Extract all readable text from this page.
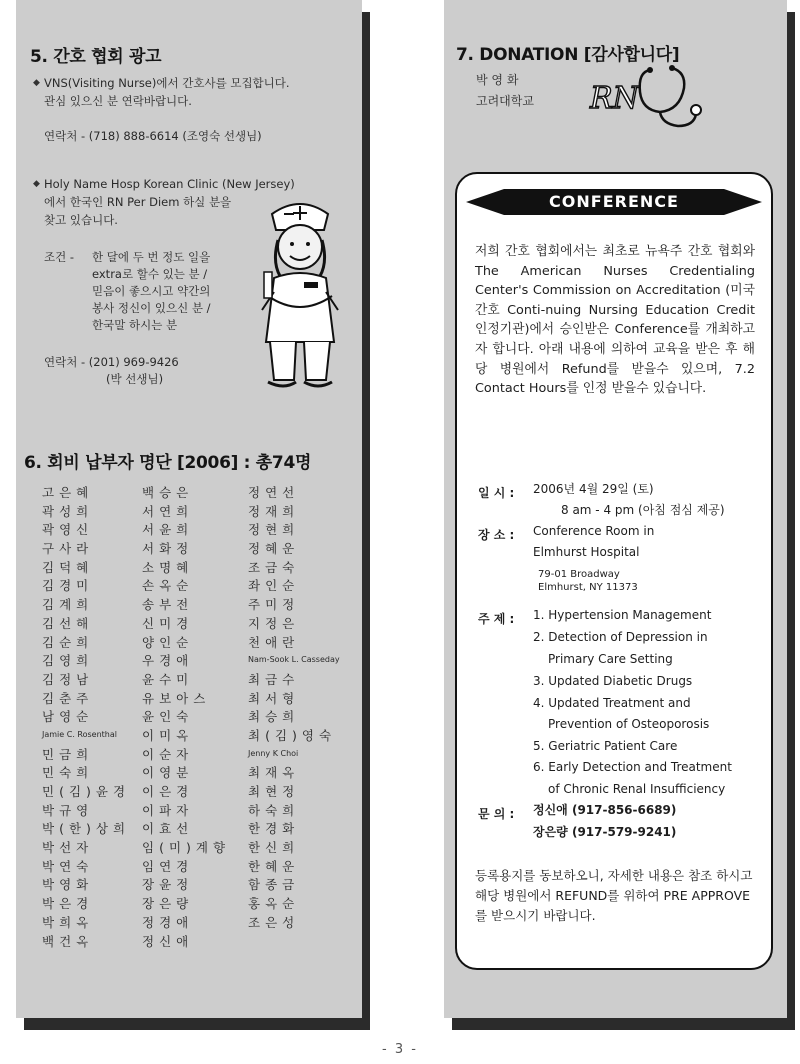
5. 간호 협회 광고
◆ VNS(Visiting Nurse)에서 간호사를 모집합니다.
관심 있으신 분 연락바랍니다.
연락처 - (718) 888-6614 (조영숙 선생님)
◆ Holy Name Hosp Korean Clinic (New Jersey)
에서 한국인 RN Per Diem 하실 분을
찾고 있습니다.
조건 - 한 달에 두 번 정도 일을
extra로 할수 있는 분 /
믿음이 좋으시고 약간의
봉사 정신이 있으신 분 /
한국말 하시는 분
연락처 - (201) 969-9426
(박 선생님)
6. 회비 납부자 명단 [2006] : 총74명
고은혜
곽성희
곽영신
구사라
김덕혜
김경미
김계희
김선해
김순희
김영희
김정남
김춘주
남영순
Jamie C. Rosenthal
민금희
민숙희
민(김)윤경
박규영
박(한)상희
박선자
박연숙
박영화
박은경
박희옥
백건옥
백승은
서연희
서윤희
서화정
소명혜
손옥순
송부전
신미경
양인순
우경애
윤수미
유보아스
윤인숙
이미옥
이순자
이영분
이은경
이파자
이효선
임(미)계향
임연경
장윤정
장은량
정경애
정신애
정연선
정재희
정현희
정혜운
조금숙
좌인순
주미정
지정은
천애란
Nam-Sook L. Casseday
최금수
최서형
최승희
최(김)영숙
Jenny K Choi
최재옥
최현정
하숙희
한경화
한신희
한혜운
함종금
홍옥순
조은성
7. DONATION [감사합니다]
박 영 화
고려대학교 RN
CONFERENCE
저희 간호 협회에서는 최초로 뉴욕주 간호 협회와 The American Nurses Credentialing Center's Commission on Accreditation (미국 간호 Conti-nuing Nursing Education Credit 인정기관)에서 승인받은 Conference를 개최하고자 합니다. 아래 내용에 의하여 교육을 받은 후 해당 병원에서 Refund를 받을수 있으며, 7.2 Contact Hours를 인정 받을수 있습니다.
일 시 : 2006년 4월 29일 (토)
8 am - 4 pm (아침 점심 제공)
장 소 : Conference Room in
Elmhurst Hospital
79-01 Broadway
Elmhurst, NY 11373
주 제 : 1. Hypertension Management
2. Detection of Depression in
Primary Care Setting
3. Updated Diabetic Drugs
4. Updated Treatment and
Prevention of Osteoporosis
5. Geriatric Patient Care
6. Early Detection and Treatment
of Chronic Renal Insufficiency
문 의 : 정신애 (917-856-6689)
장은량 (917-579-9241)
등록용지를 동보하오니, 자세한 내용은 참조 하시고 해당 병원에서 REFUND를 위하여 PRE APPROVE를 받으시기 바랍니다.
- 3 -
